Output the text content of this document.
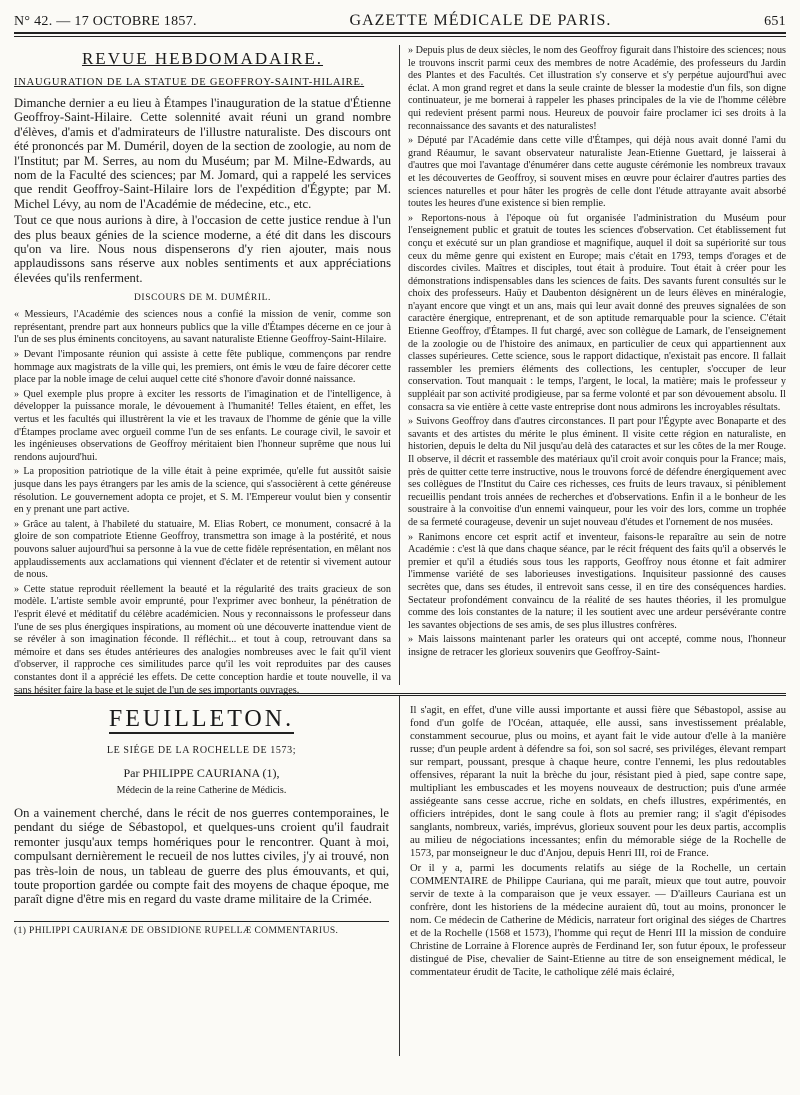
N° 42. — 17 OCTOBRE 1857.	GAZETTE MÉDICALE DE PARIS.	651
REVUE HEBDOMADAIRE.
INAUGURATION DE LA STATUE DE GEOFFROY-SAINT-HILAIRE.

Dimanche dernier a eu lieu à Étampes l'inauguration de la statue d'Étienne Geoffroy-Saint-Hilaire. Cette solennité avait réuni un grand nombre d'élèves, d'amis et d'admirateurs de l'illustre naturaliste. Des discours ont été prononcés par M. Duméril, doyen de la section de zoologie, au nom de l'Institut; par M. Serres, au nom du Muséum; par M. Milne-Edwards, au nom de la Faculté des sciences; par M. Jomard, qui a rappelé les services que rendit Geoffroy-Saint-Hilaire lors de l'expédition d'Égypte; par M. Michel Lévy, au nom de l'Académie de médecine, etc., etc.

Tout ce que nous aurions à dire, à l'occasion de cette justice rendue à l'un des plus beaux génies de la science moderne, a été dit dans les discours qu'on va lire. Nous nous dispenserons d'y rien ajouter, mais nous applaudissons sans réserve aux nobles sentiments et aux appréciations élevées qu'ils renferment.

DISCOURS DE M. DUMÉRIL.

« Messieurs, l'Académie des sciences nous a confié la mission de venir, comme son représentant, prendre part aux honneurs publics que la ville d'Étampes décerne en ce jour à l'un de ses plus éminents concitoyens, au savant naturaliste Etienne Geoffroy-Saint-Hilaire.

» Devant l'imposante réunion qui assiste à cette fête publique, commençons par rendre hommage aux magistrats de la ville qui, les premiers, ont émis le vœu de faire décorer cette place par la noble image de celui auquel cette cité s'honore d'avoir donné naissance.

» Quel exemple plus propre à exciter les ressorts de l'imagination et de l'intelligence, à développer la puissance morale, le dévouement à l'humanité! Telles étaient, en effet, les vertus et les facultés qui illustrèrent la vie et les travaux de l'homme de génie que la ville d'Étampes proclame avec orgueil comme l'un de ses enfants. Le courage civil, le savoir et les ingénieuses observations de Geoffroy méritaient bien l'honneur suprême que nous lui rendons aujourd'hui.

» La proposition patriotique de la ville était à peine exprimée, qu'elle fut aussitôt saisie jusque dans les pays étrangers par les amis de la science, qui s'associèrent à cette généreuse résolution. Le gouvernement adopta ce projet, et S. M. l'Empereur voulut bien y consentir en y prenant une part active.

» Grâce au talent, à l'habileté du statuaire, M. Elias Robert, ce monument, consacré à la gloire de son compatriote Etienne Geoffroy, transmettra son image à la postérité, et nous pouvons saluer aujourd'hui sa personne à la vue de cette fidèle représentation, en mêlant nos applaudissements aux acclamations qui viennent d'éclater et de retentir si vivement autour de nous.

» Cette statue reproduit réellement la beauté et la régularité des traits gracieux de son modèle. L'artiste semble avoir emprunté, pour l'exprimer avec bonheur, la pénétration de l'esprit élevé et méditatif du célèbre académicien. Nous y reconnaissons le professeur dans l'une de ses plus énergiques inspirations, au moment où une découverte inattendue vient de se révéler à son imagination féconde. Il réfléchit... et tout à coup, retrouvant dans sa mémoire et dans ses études antérieures des analogies nombreuses avec le fait qu'il vient d'observer, il rapproche ces similitudes parce qu'il les voit reproduites par des causes constantes dont il a apprécié les effets. De cette conception hardie et toute nouvelle, il va sans hésiter faire la base et le sujet de l'un de ses importants ouvrages.

» Depuis plus de deux siècles, le nom des Geoffroy figurait dans l'histoire des sciences; nous le trouvons inscrit parmi ceux des membres de notre Académie, des professeurs du Jardin des Plantes et des Facultés. Cet illustration s'y conserve et s'y perpétue aujourd'hui avec éclat. A mon grand regret et dans la seule crainte de blesser la modestie d'un fils, son digne continuateur, je me bornerai à rappeler les phases principales de la vie de l'homme célèbre qui redevient présent parmi nous. Heureux de pouvoir faire proclamer ici ses droits à la reconnaissance des savants et des naturalistes!

» Député par l'Académie dans cette ville d'Étampes, qui déjà nous avait donné l'ami du grand Réaumur, le savant observateur naturaliste Jean-Etienne Guettard, je laisserai à d'autres que moi l'avantage d'énumérer dans cette auguste cérémonie les nombreux travaux et les découvertes de Geoffroy, si souvent mises en œuvre pour éclairer d'autres parties des sciences naturelles et pour hâter les progrès de celle dont l'étude attrayante avait absorbé toutes les heures d'une existence si bien remplie.

» Reportons-nous à l'époque où fut organisée l'administration du Muséum pour l'enseignement public et gratuit de toutes les sciences d'observation. Cet établissement fut conçu et exécuté sur un plan grandiose et magnifique, auquel il doit sa supériorité sur tous ceux du même genre qui existent en Europe; mais c'était en 1793, temps d'orages et de discordes civiles. Maîtres et disciples, tout était à produire. Tout était à créer pour les démonstrations indispensables dans les sciences de faits. Des savants furent consultés sur le choix des professeurs. Haüy et Daubenton désignèrent un de leurs élèves en minéralogie, n'ayant encore que vingt et un ans, mais qui leur avait donné des preuves signalées de son caractère énergique, entreprenant, et de son aptitude remarquable pour la science. C'était Etienne Geoffroy, d'Étampes. Il fut chargé, avec son collègue de Lamark, de l'enseignement de la zoologie ou de l'histoire des animaux, en particulier de ceux qui appartiennent aux classes supérieures. Cette science, sous le rapport didactique, n'existait pas encore. Il fallait rassembler les premiers éléments des collections, les centupler, s'occuper de leur conservation. Tout manquait : le temps, l'argent, le local, la matière; mais le professeur y suppléait par son activité prodigieuse, par sa ferme volonté et par son dévouement absolu. Il consacra sa vie entière à cette vaste entreprise dont nous admirons les incroyables résultats.

» Suivons Geoffroy dans d'autres circonstances. Il part pour l'Égypte avec Bonaparte et des savants et des artistes du mérite le plus éminent. Il visite cette région en naturaliste, en historien, depuis le delta du Nil jusqu'au delà des cataractes et sur les côtes de la mer Rouge. Il observe, il décrit et rassemble des matériaux qu'il croit avoir conquis pour la France; mais, près de quitter cette terre instructive, nous le trouvons forcé de défendre énergiquement avec ses collègues de l'Institut du Caire ces richesses, ces fruits de leurs travaux, si péniblement recueillis pendant trois années de recherches et d'observations. Enfin il a le bonheur de les soustraire à la convoitise d'un ennemi vainqueur, pour les voir des lors, comme un trophée de sa fermeté courageuse, devenir un sujet nouveau d'études et l'ornement de nos musées.

» Ranimons encore cet esprit actif et inventeur, faisons-le reparaître au sein de notre Académie : c'est là que dans chaque séance, par le récit fréquent des faits qu'il a observés le premier et qu'il a étudiés sous tous les rapports, Geoffroy nous étonne et fait admirer l'immense variété de ses laborieuses investigations. Inquisiteur passionné des causes secrètes que, dans ses études, il entrevoit sans cesse, il en tire des conséquences hardies. Sectateur profondément convaincu de la réalité de ses hautes théories, il les promulgue comme des lois constantes de la nature; il les soutient avec une ardeur persévérante contre les savantes objections de ses amis, de ses plus illustres confrères.

» Mais laissons maintenant parler les orateurs qui ont accepté, comme nous, l'honneur insigne de retracer les glorieux souvenirs que Geoffroy-Saint-

FEUILLETON.
LE SIÉGE DE LA ROCHELLE DE 1573;
Par PHILIPPE CAURIANA (1),
Médecin de la reine Catherine de Médicis.

On a vainement cherché, dans le récit de nos guerres contemporaines, le pendant du siége de Sébastopol, et quelques-uns croient qu'il faudrait remonter jusqu'aux temps homériques pour le rencontrer. Quant à moi, compulsant dernièrement le recueil de nos luttes civiles, j'y ai trouvé, non pas très-loin de nous, un tableau de guerre des plus émouvants, et qui, toute proportion gardée ou compte fait des moyens de chaque époque, me paraît digne d'être mis en regard du vaste drame militaire de la Crimée.

(1) PHILIPPI CAURIANÆ DE OBSIDIONE RUPELLÆ COMMENTARIUS.

Il s'agit, en effet, d'une ville aussi importante et aussi fière que Sébastopol, assise au fond d'un golfe de l'Océan, attaquée, elle aussi, sans investissement préalable, constamment secourue, plus ou moins, et ayant fait le vide autour d'elle à la manière russe; d'un peuple ardent à défendre sa foi, son sol sacré, ses priviléges, élevant rempart sur rempart, poussant, presque à chaque heure, contre l'ennemi, les plus redoutables offensives, réparant la nuit la brèche du jour, résistant pied à pied, sape contre sape, multipliant les embuscades et les moyens nouveaux de destruction; puis d'une armée assiégeante sans cesse accrue, riche en soldats, en chefs illustres, expérimentés, en officiers intrépides, dont le sang coule à flots au premier rang; il s'agit d'épisodes sanglants, nombreux, variés, imprévus, glorieux souvent pour les deux partis, accomplis au milieu de négociations incessantes; enfin du mémorable siége de la Rochelle de 1573, par monseigneur le duc d'Anjou, depuis Henri III, roi de France.

Or il y a, parmi les documents relatifs au siége de la Rochelle, un certain COMMENTAIRE de Philippe Cauriana, qui me paraît, mieux que tout autre, pouvoir servir de texte à la comparaison que je veux essayer. — D'ailleurs Cauriana est un confrère, dont les historiens de la médecine auraient dû, tout au moins, prononcer le nom. Ce médecin de Catherine de Médicis, narrateur fort original des siéges de Chartres et de la Rochelle (1568 et 1573), l'homme qui reçut de Henri III la mission de conduire Christine de Lorraine à Florence auprès de Ferdinand Ier, son futur époux, le professeur distingué de Pise, chevalier de Saint-Etienne au titre de son enseignement médical, le commentateur érudit de Tacite, le catholique zélé mais éclairé,
